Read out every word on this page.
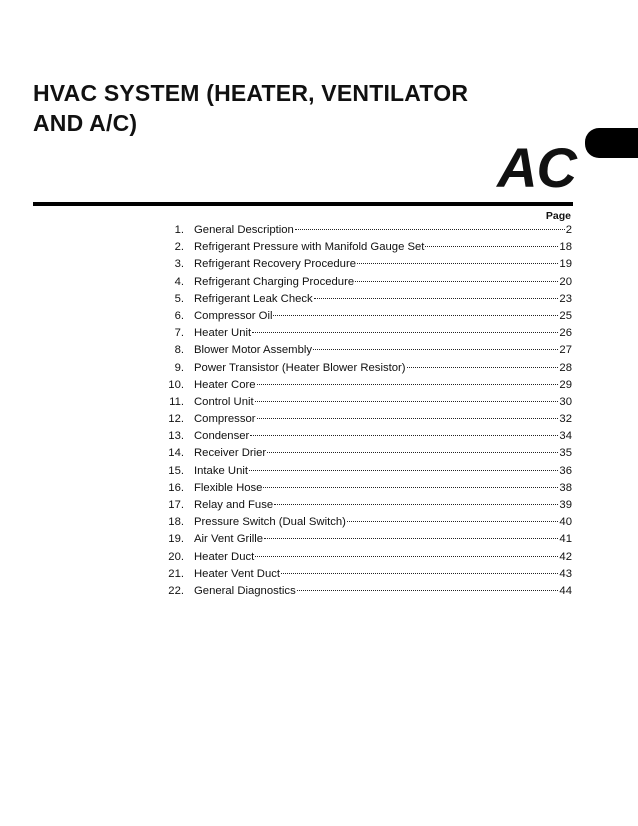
HVAC SYSTEM (HEATER, VENTILATOR
AND A/C)
AC
Page
1. General Description	2
2. Refrigerant Pressure with Manifold Gauge Set	18
3. Refrigerant Recovery Procedure	19
4. Refrigerant Charging Procedure	20
5. Refrigerant Leak Check	23
6. Compressor Oil	25
7. Heater Unit	26
8. Blower Motor Assembly	27
9. Power Transistor (Heater Blower Resistor)	28
10. Heater Core	29
11. Control Unit	30
12. Compressor	32
13. Condenser	34
14. Receiver Drier	35
15. Intake Unit	36
16. Flexible Hose	38
17. Relay and Fuse	39
18. Pressure Switch (Dual Switch)	40
19. Air Vent Grille	41
20. Heater Duct	42
21. Heater Vent Duct	43
22. General Diagnostics	44
